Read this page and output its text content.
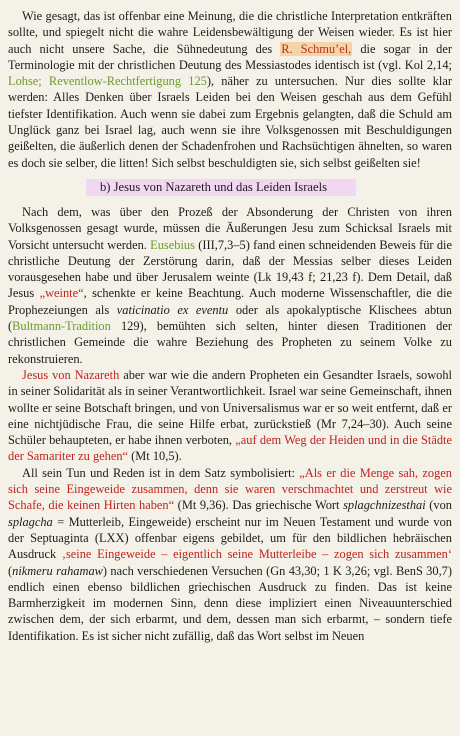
Wie gesagt, das ist offenbar eine Meinung, die die christliche Interpretation entkräften sollte, und spiegelt nicht die wahre Leidensbewältigung der Weisen wieder. Es ist hier auch nicht unsere Sache, die Sühnedeutung des R. Schmu’el, die sogar in der Terminologie mit der christlichen Deutung des Messiastodes identisch ist (vgl. Kol 2,14; Lohse; Reventlow-Rechtfertigung 125), näher zu untersuchen. Nur dies sollte klar werden: Alles Denken über Israels Leiden bei den Weisen geschah aus dem Gefühl tiefster Identifikation. Auch wenn sie dabei zum Ergebnis gelangten, daß die Schuld am Unglück ganz bei Israel lag, auch wenn sie ihre Volksgenossen mit Beschuldigungen geißelten, die äußerlich denen der Schadenfrohen und Rachsüchtigen ähnelten, so waren es doch sie selber, die litten! Sich selbst beschuldigten sie, sich selbst geißelten sie!

b) Jesus von Nazareth und das Leiden Israels

Nach dem, was über den Prozeß der Absonderung der Christen von ihren Volksgenossen gesagt wurde, müssen die Äußerungen Jesu zum Schicksal Israels mit Vorsicht untersucht werden. Eusebius (III,7,3–5) fand einen schneidenden Beweis für die christliche Deutung der Zerstörung darin, daß der Messias selber dieses Leiden vorausgesehen habe und über Jerusalem weinte (Lk 19,43 f; 21,23 f). Dem Detail, daß Jesus „weinte“, schenkte er keine Beachtung. Auch moderne Wissenschaftler, die die Prophezeiungen als vaticinatio ex eventu oder als apokalyptische Klischees abtun (Bultmann-Tradition 129), bemühten sich selten, hinter diesen Traditionen der christlichen Gemeinde die wahre Beziehung des Propheten zu seinem Volke zu rekonstruieren.

Jesus von Nazareth aber war wie die andern Propheten ein Gesandter Israels, sowohl in seiner Solidarität als in seiner Verantwortlichkeit. Israel war seine Gemeinschaft, ihnen wollte er seine Botschaft bringen, und von Universalismus war er so weit entfernt, daß er eine nichtjüdische Frau, die seine Hilfe erbat, zurückstieß (Mr 7,24–30). Auch seine Schüler behaupteten, er habe ihnen verboten, „auf dem Weg der Heiden und in die Städte der Samariter zu gehen“ (Mt 10,5).

All sein Tun und Reden ist in dem Satz symbolisiert: „Als er die Menge sah, zogen sich seine Eingeweide zusammen, denn sie waren verschmachtet und zerstreut wie Schafe, die keinen Hirten haben“ (Mt 9,36). Das griechische Wort splagchnizesthai (von splagcha = Mutterleib, Eingeweide) erscheint nur im Neuen Testament und wurde von der Septuaginta (LXX) offenbar eigens gebildet, um für den bildlichen hebräischen Ausdruck ‚seine Eingeweide – eigentlich seine Mutterleibe – zogen sich zusammen‘ (nikmeru rahamaw) nach verschiedenen Versuchen (Gn 43,30; 1 K 3,26; vgl. BenS 30,7) endlich einen ebenso bildlichen griechischen Ausdruck zu finden. Das ist keine Barmherzigkeit im modernen Sinn, denn diese impliziert einen Niveauunterschied zwischen dem, der sich erbarmt, und dem, dessen man sich erbarmt, – sondern tiefe Identifikation. Es ist sicher nicht zufällig, daß das Wort selbst im Neuen
